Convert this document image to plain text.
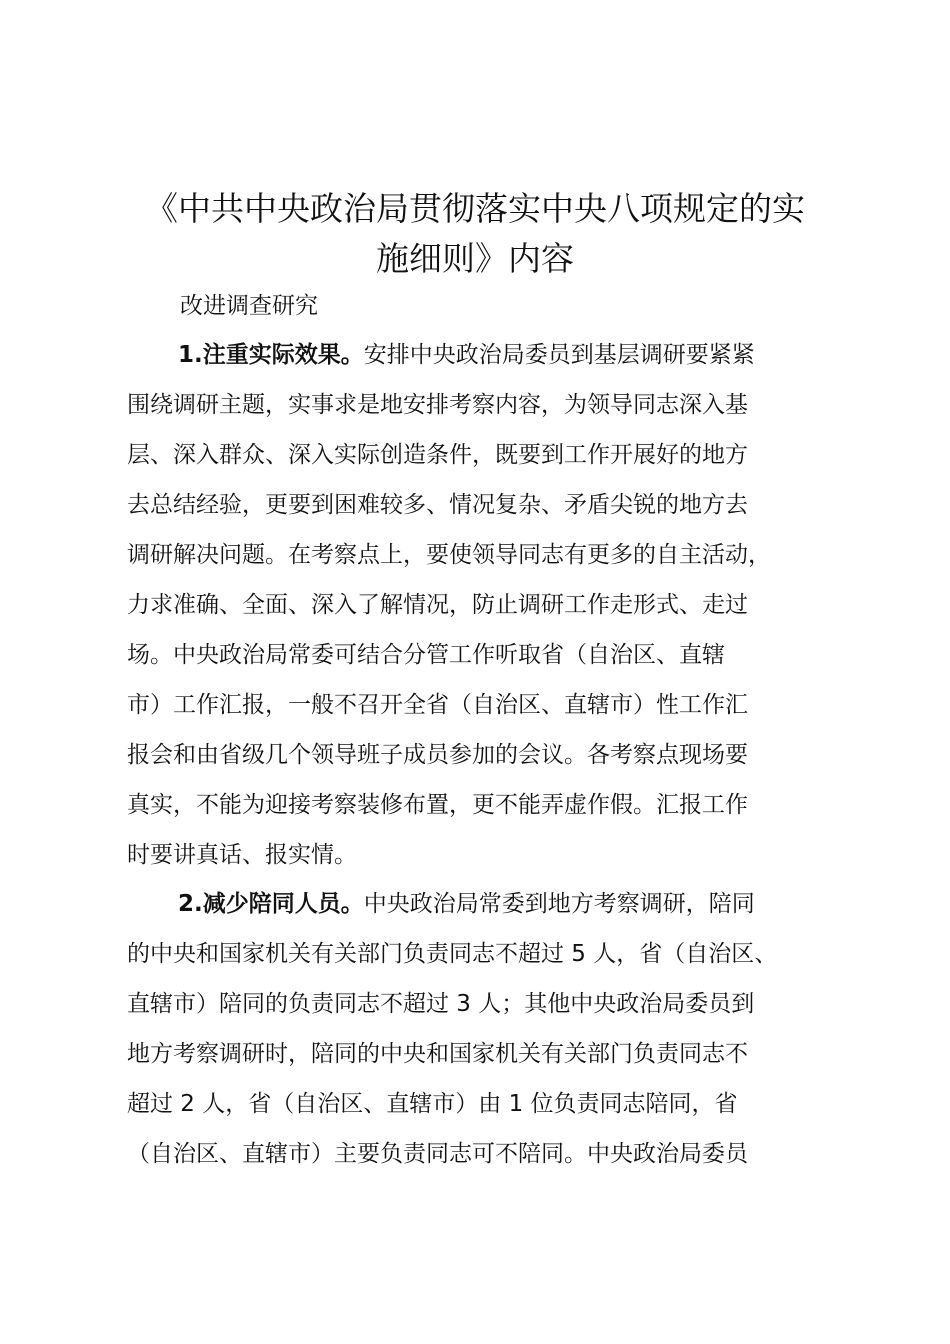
《中共中央政治局贯彻落实中央八项规定的实
施细则》内容

改进调查研究

1.注重实际效果。安排中央政治局委员到基层调研要紧紧
围绕调研主题，实事求是地安排考察内容，为领导同志深入基
层、深入群众、深入实际创造条件，既要到工作开展好的地方
去总结经验，更要到困难较多、情况复杂、矛盾尖锐的地方去
调研解决问题。在考察点上，要使领导同志有更多的自主活动，
力求准确、全面、深入了解情况，防止调研工作走形式、走过
场。中央政治局常委可结合分管工作听取省（自治区、直辖
市）工作汇报，一般不召开全省（自治区、直辖市）性工作汇
报会和由省级几个领导班子成员参加的会议。各考察点现场要
真实，不能为迎接考察装修布置，更不能弄虚作假。汇报工作
时要讲真话、报实情。
2.减少陪同人员。中央政治局常委到地方考察调研，陪同
的中央和国家机关有关部门负责同志不超过 5 人，省（自治区、
直辖市）陪同的负责同志不超过 3 人；其他中央政治局委员到
地方考察调研时，陪同的中央和国家机关有关部门负责同志不
超过 2 人，省（自治区、直辖市）由 1 位负责同志陪同，省
（自治区、直辖市）主要负责同志可不陪同。中央政治局委员
